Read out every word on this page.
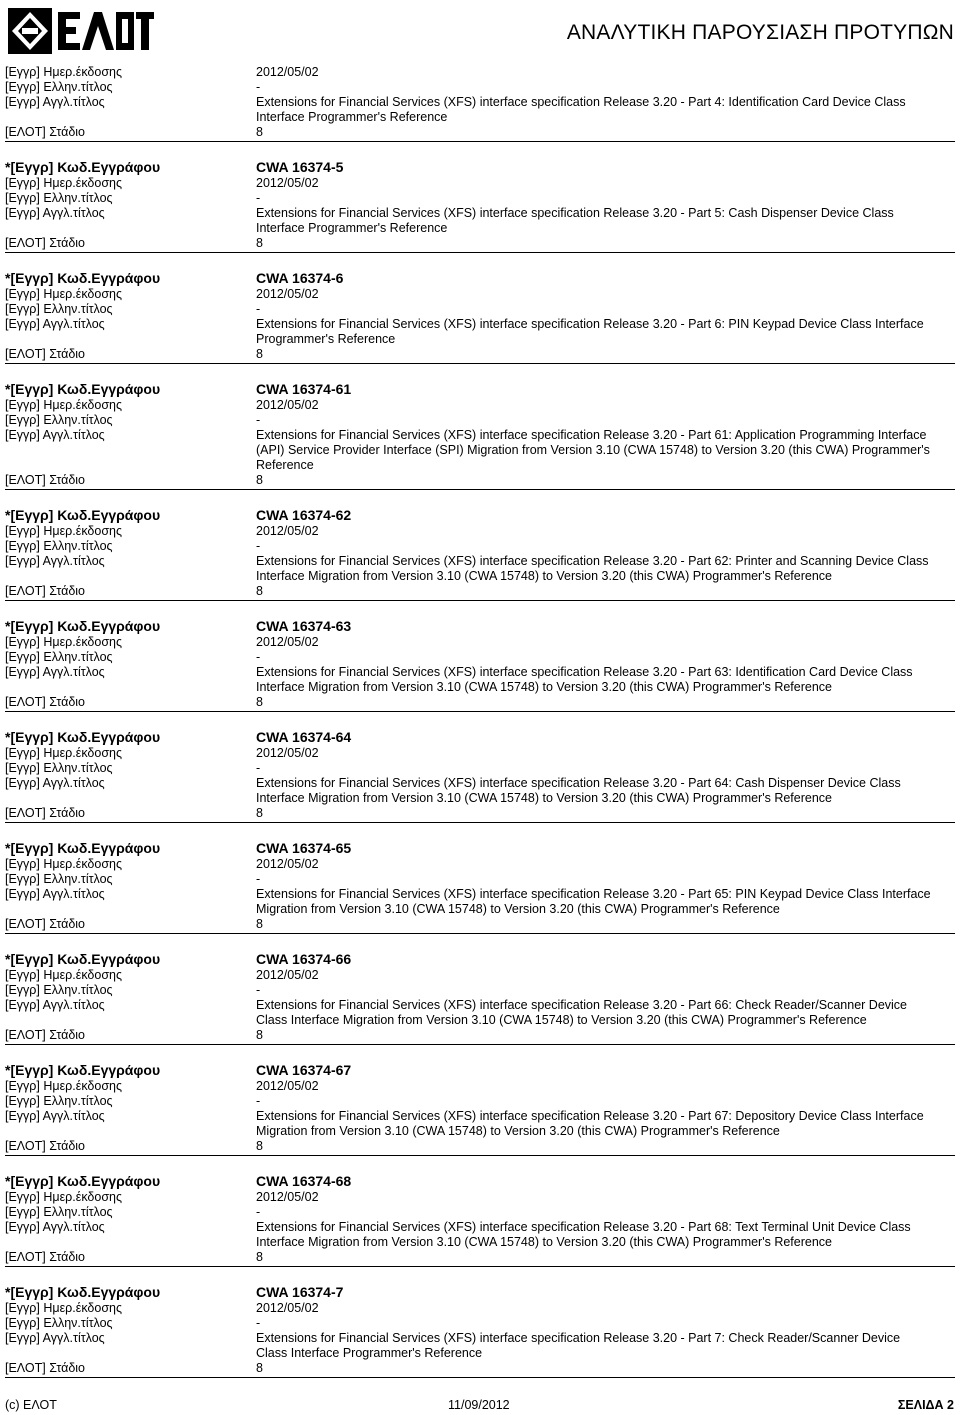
ΑΝΑΛΥΤΙΚΗ ΠΑΡΟΥΣΙΑΣΗ ΠΡΟΤΥΠΩΝ
[Εγγρ] Ημερ.έκδοσης	2012/05/02
[Εγγρ] Ελλην.τίτλος	-
[Εγγρ] Αγγλ.τίτλος	Extensions for Financial Services (XFS) interface specification Release 3.20 - Part 4: Identification Card Device Class Interface Programmer's Reference
[ΕΛΟΤ] Στάδιο	8
*[Εγγρ] Κωδ.Εγγράφου	CWA 16374-5
[Εγγρ] Ημερ.έκδοσης	2012/05/02
[Εγγρ] Ελλην.τίτλος	-
[Εγγρ] Αγγλ.τίτλος	Extensions for Financial Services (XFS) interface specification Release 3.20 - Part 5: Cash Dispenser Device Class Interface Programmer's Reference
[ΕΛΟΤ] Στάδιο	8
*[Εγγρ] Κωδ.Εγγράφου	CWA 16374-6
[Εγγρ] Ημερ.έκδοσης	2012/05/02
[Εγγρ] Ελλην.τίτλος	-
[Εγγρ] Αγγλ.τίτλος	Extensions for Financial Services (XFS) interface specification Release 3.20 - Part 6: PIN Keypad Device Class Interface Programmer's Reference
[ΕΛΟΤ] Στάδιο	8
*[Εγγρ] Κωδ.Εγγράφου	CWA 16374-61
[Εγγρ] Ημερ.έκδοσης	2012/05/02
[Εγγρ] Ελλην.τίτλος	-
[Εγγρ] Αγγλ.τίτλος	Extensions for Financial Services (XFS) interface specification Release 3.20 - Part 61: Application Programming Interface (API) Service Provider Interface (SPI) Migration from Version 3.10 (CWA 15748) to Version 3.20 (this CWA) Programmer's Reference
[ΕΛΟΤ] Στάδιο	8
*[Εγγρ] Κωδ.Εγγράφου	CWA 16374-62
[Εγγρ] Ημερ.έκδοσης	2012/05/02
[Εγγρ] Ελλην.τίτλος	-
[Εγγρ] Αγγλ.τίτλος	Extensions for Financial Services (XFS) interface specification Release 3.20 - Part 62: Printer and Scanning Device Class Interface Migration from Version 3.10 (CWA 15748) to Version 3.20 (this CWA) Programmer's Reference
[ΕΛΟΤ] Στάδιο	8
*[Εγγρ] Κωδ.Εγγράφου	CWA 16374-63
[Εγγρ] Ημερ.έκδοσης	2012/05/02
[Εγγρ] Ελλην.τίτλος	-
[Εγγρ] Αγγλ.τίτλος	Extensions for Financial Services (XFS) interface specification Release 3.20 - Part 63: Identification Card Device Class Interface Migration from Version 3.10 (CWA 15748) to Version 3.20 (this CWA) Programmer's Reference
[ΕΛΟΤ] Στάδιο	8
*[Εγγρ] Κωδ.Εγγράφου	CWA 16374-64
[Εγγρ] Ημερ.έκδοσης	2012/05/02
[Εγγρ] Ελλην.τίτλος	-
[Εγγρ] Αγγλ.τίτλος	Extensions for Financial Services (XFS) interface specification Release 3.20 - Part 64: Cash Dispenser Device Class Interface Migration from Version 3.10 (CWA 15748) to Version 3.20 (this CWA) Programmer's Reference
[ΕΛΟΤ] Στάδιο	8
*[Εγγρ] Κωδ.Εγγράφου	CWA 16374-65
[Εγγρ] Ημερ.έκδοσης	2012/05/02
[Εγγρ] Ελλην.τίτλος	-
[Εγγρ] Αγγλ.τίτλος	Extensions for Financial Services (XFS) interface specification Release 3.20 - Part 65: PIN Keypad Device Class Interface Migration from Version 3.10 (CWA 15748) to Version 3.20 (this CWA) Programmer's Reference
[ΕΛΟΤ] Στάδιο	8
*[Εγγρ] Κωδ.Εγγράφου	CWA 16374-66
[Εγγρ] Ημερ.έκδοσης	2012/05/02
[Εγγρ] Ελλην.τίτλος	-
[Εγγρ] Αγγλ.τίτλος	Extensions for Financial Services (XFS) interface specification Release 3.20 - Part 66: Check Reader/Scanner Device Class Interface Migration from Version 3.10 (CWA 15748) to Version 3.20 (this CWA) Programmer's Reference
[ΕΛΟΤ] Στάδιο	8
*[Εγγρ] Κωδ.Εγγράφου	CWA 16374-67
[Εγγρ] Ημερ.έκδοσης	2012/05/02
[Εγγρ] Ελλην.τίτλος	-
[Εγγρ] Αγγλ.τίτλος	Extensions for Financial Services (XFS) interface specification Release 3.20 - Part 67: Depository Device Class Interface Migration from Version 3.10 (CWA 15748) to Version 3.20 (this CWA) Programmer's Reference
[ΕΛΟΤ] Στάδιο	8
*[Εγγρ] Κωδ.Εγγράφου	CWA 16374-68
[Εγγρ] Ημερ.έκδοσης	2012/05/02
[Εγγρ] Ελλην.τίτλος	-
[Εγγρ] Αγγλ.τίτλος	Extensions for Financial Services (XFS) interface specification Release 3.20 - Part 68: Text Terminal Unit Device Class Interface Migration from Version 3.10 (CWA 15748) to Version 3.20 (this CWA) Programmer's Reference
[ΕΛΟΤ] Στάδιο	8
*[Εγγρ] Κωδ.Εγγράφου	CWA 16374-7
[Εγγρ] Ημερ.έκδοσης	2012/05/02
[Εγγρ] Ελλην.τίτλος	-
[Εγγρ] Αγγλ.τίτλος	Extensions for Financial Services (XFS) interface specification Release 3.20 - Part 7: Check Reader/Scanner Device Class Interface Programmer's Reference
[ΕΛΟΤ] Στάδιο	8
(c) ΕΛΟΤ	11/09/2012	ΣΕΛΙΔΑ 2
